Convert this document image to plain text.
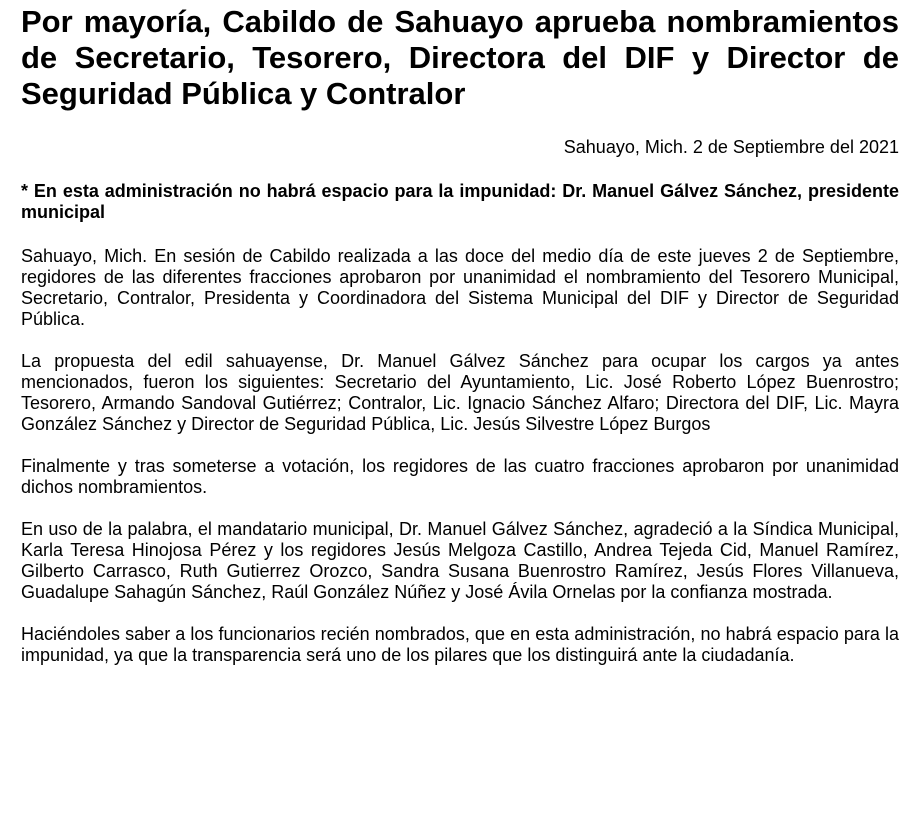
Por mayoría, Cabildo de Sahuayo aprueba nombramientos de Secretario, Tesorero, Directora del DIF y Director de Seguridad Pública y Contralor

Sahuayo, Mich. 2 de Septiembre del 2021

* En esta administración no habrá espacio para la impunidad: Dr. Manuel Gálvez Sánchez, presidente municipal

Sahuayo, Mich. En sesión de Cabildo realizada a las doce del medio día de este jueves 2 de Septiembre, regidores de las diferentes fracciones aprobaron por unanimidad el nombramiento del Tesorero Municipal, Secretario, Contralor, Presidenta y Coordinadora del Sistema Municipal del DIF y Director de Seguridad Pública.

La propuesta del edil sahuayense, Dr. Manuel Gálvez Sánchez para ocupar los cargos ya antes mencionados, fueron los siguientes: Secretario del Ayuntamiento, Lic. José Roberto López Buenrostro; Tesorero, Armando Sandoval Gutiérrez; Contralor, Lic. Ignacio Sánchez Alfaro; Directora del DIF, Lic. Mayra González Sánchez y Director de Seguridad Pública, Lic. Jesús Silvestre López Burgos

Finalmente y tras someterse a votación, los regidores de las cuatro fracciones aprobaron por unanimidad dichos nombramientos.

En uso de la palabra, el mandatario municipal, Dr. Manuel Gálvez Sánchez, agradeció a la Síndica Municipal, Karla Teresa Hinojosa Pérez y los regidores Jesús Melgoza Castillo, Andrea Tejeda Cid, Manuel Ramírez, Gilberto Carrasco, Ruth Gutierrez Orozco, Sandra Susana Buenrostro Ramírez, Jesús Flores Villanueva, Guadalupe Sahagún Sánchez, Raúl González Núñez y José Ávila Ornelas por la confianza mostrada.

Haciéndoles saber a los funcionarios recién nombrados, que en esta administración, no habrá espacio para la impunidad, ya que la transparencia será uno de los pilares que los distinguirá ante la ciudadanía.
